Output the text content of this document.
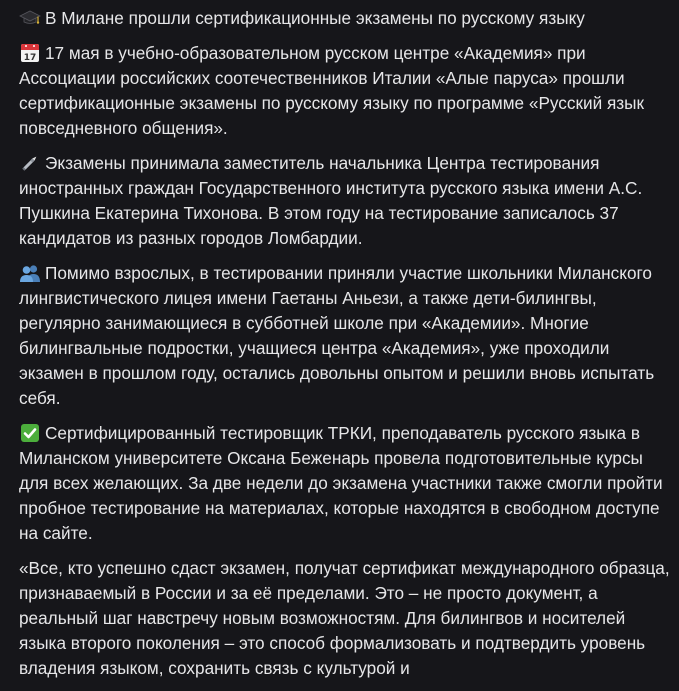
В Милане прошли сертификационные экзамены по русскому языку
17 17 мая в учебно-образовательном русском центре «Академия» при Ассоциации российских соотечественников Италии «Алые паруса» прошли сертификационные экзамены по русскому языку по программе «Русский язык повседневного общения».
Экзамены принимала заместитель начальника Центра тестирования иностранных граждан Государственного института русского языка имени А.С. Пушкина Екатерина Тихонова. В этом году на тестирование записалось 37 кандидатов из разных городов Ломбардии.
Помимо взрослых, в тестировании приняли участие школьники Миланского лингвистического лицея имени Гаетаны Аньези, а также дети-билингвы, регулярно занимающиеся в субботней школе при «Академии». Многие билингвальные подростки, учащиеся центра «Академия», уже проходили экзамен в прошлом году, остались довольны опытом и решили вновь испытать себя.
Сертифицированный тестировщик ТРКИ, преподаватель русского языка в Миланском университете Оксана Беженарь провела подготовительные курсы для всех желающих. За две недели до экзамена участники также смогли пройти пробное тестирование на материалах, которые находятся в свободном доступе на сайте.
«Все, кто успешно сдаст экзамен, получат сертификат международного образца, признаваемый в России и за её пределами. Это – не просто документ, а реальный шаг навстречу новым возможностям. Для билингвов и носителей языка второго поколения – это способ формализовать и подтвердить уровень владения языком, сохранить связь с культурой и
